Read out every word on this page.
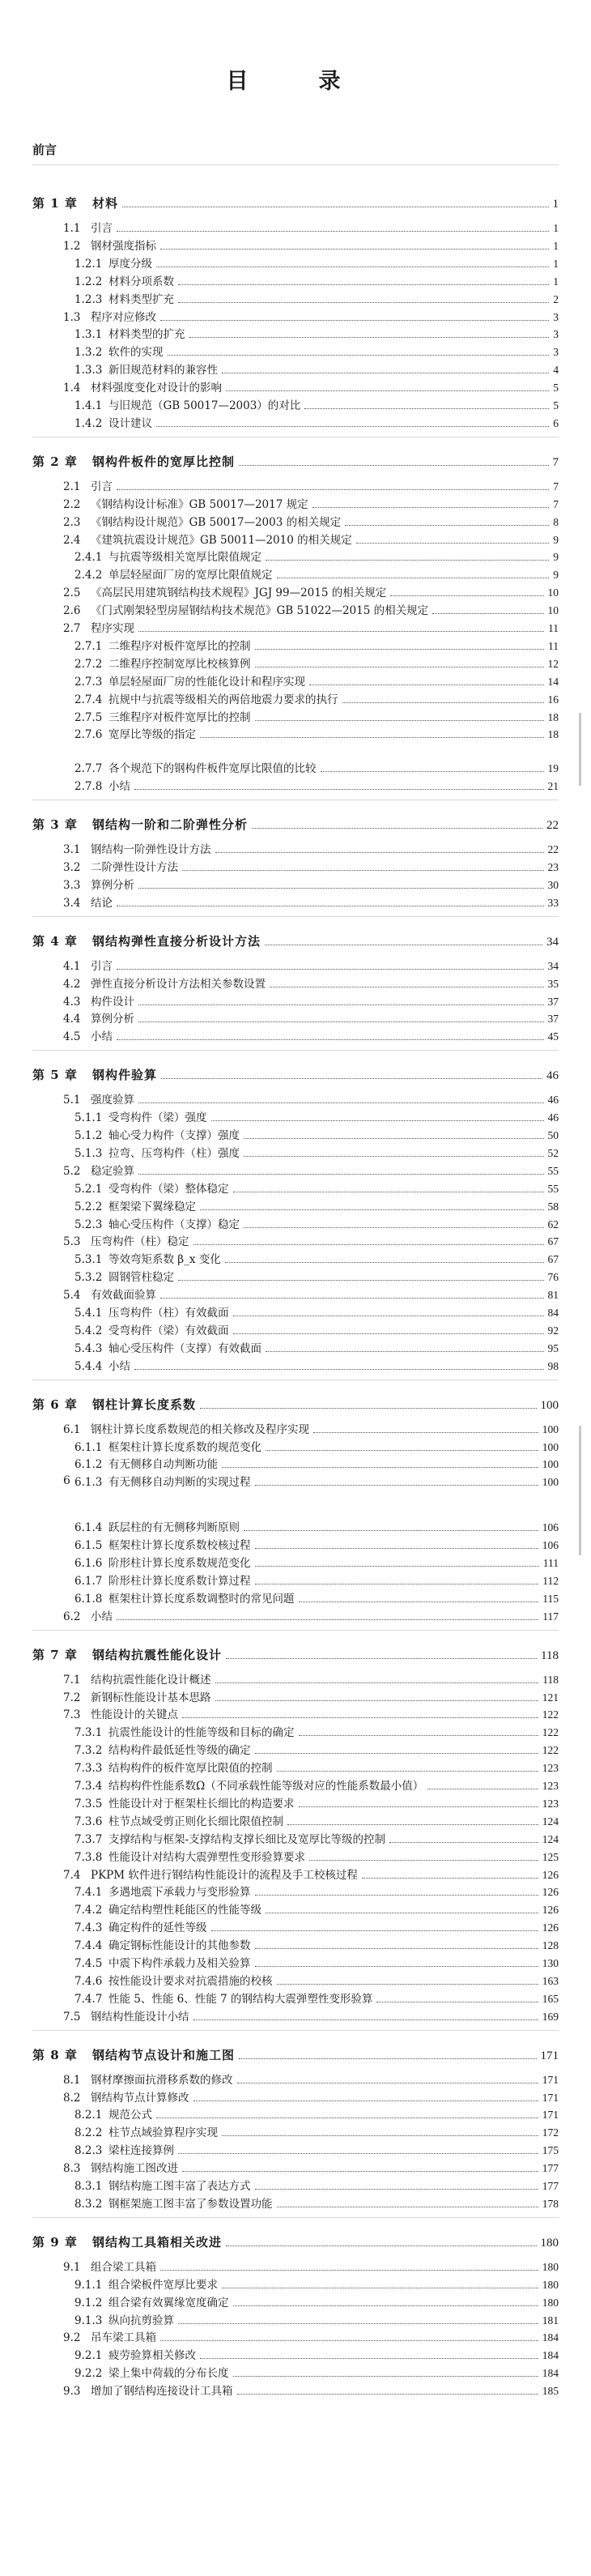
目　录
前言
第 1 章	材料	1
1.1 引言	1
1.2 钢材强度指标	1
1.2.1 厚度分级	1
1.2.2 材料分项系数	1
1.2.3 材料类型扩充	2
1.3 程序对应修改	3
1.3.1 材料类型的扩充	3
1.3.2 软件的实现	3
1.3.3 新旧规范材料的兼容性	4
1.4 材料强度变化对设计的影响	5
1.4.1 与旧规范（GB 50017—2003）的对比	5
1.4.2 设计建议	6
第 2 章	钢构件板件的宽厚比控制	7
2.1 引言	7
2.2 《钢结构设计标准》GB 50017—2017 规定	7
2.3 《钢结构设计规范》GB 50017—2003 的相关规定	8
2.4 《建筑抗震设计规范》GB 50011—2010 的相关规定	9
2.4.1 与抗震等级相关宽厚比限值规定	9
2.4.2 单层轻屋面厂房的宽厚比限值规定	9
2.5 《高层民用建筑钢结构技术规程》JGJ 99—2015 的相关规定	10
2.6 《门式刚架轻型房屋钢结构技术规范》GB 51022—2015 的相关规定	10
2.7 程序实现	11
2.7.1 二维程序对板件宽厚比的控制	11
2.7.2 二维程序控制宽厚比校核算例	12
2.7.3 单层轻屋面厂房的性能化设计和程序实现	14
2.7.4 抗规中与抗震等级相关的两倍地震力要求的执行	16
2.7.5 三维程序对板件宽厚比的控制	18
2.7.6 宽厚比等级的指定	18
2.7.7 各个规范下的钢构件板件宽厚比限值的比较	19
2.7.8 小结	21
第 3 章	钢结构一阶和二阶弹性分析	22
3.1 钢结构一阶弹性设计方法	22
3.2 二阶弹性设计方法	23
3.3 算例分析	30
3.4 结论	33
第 4 章	钢结构弹性直接分析设计方法	34
4.1 引言	34
4.2 弹性直接分析设计方法相关参数设置	35
4.3 构件设计	37
4.4 算例分析	37
4.5 小结	45
第 5 章	钢构件验算	46
5.1 强度验算	46
5.1.1 受弯构件（梁）强度	46
5.1.2 轴心受力构件（支撑）强度	50
5.1.3 拉弯、压弯构件（柱）强度	52
5.2 稳定验算	55
5.2.1 受弯构件（梁）整体稳定	55
5.2.2 框架梁下翼缘稳定	58
5.2.3 轴心受压构件（支撑）稳定	62
5.3 压弯构件（柱）稳定	67
5.3.1 等效弯矩系数 β_x 变化	67
5.3.2 圆钢管柱稳定	76
5.4 有效截面验算	81
5.4.1 压弯构件（柱）有效截面	84
5.4.2 受弯构件（梁）有效截面	92
5.4.3 轴心受压构件（支撑）有效截面	95
5.4.4 小结	98
第 6 章	钢柱计算长度系数	100
6.1 钢柱计算长度系数规范的相关修改及程序实现	100
6.1.1 框架柱计算长度系数的规范变化	100
6.1.2 有无侧移自动判断功能	100
6.1.3 有无侧移自动判断的实现过程	100
6.1.4 跃层柱的有无侧移判断原则	106
6.1.5 框架柱计算长度系数校核过程	106
6.1.6 阶形柱计算长度系数规范变化	111
6.1.7 阶形柱计算长度系数计算过程	112
6.1.8 框架柱计算长度系数调整时的常见问题	115
6.2 小结	117
第 7 章	钢结构抗震性能化设计	118
7.1 结构抗震性能化设计概述	118
7.2 新钢标性能设计基本思路	121
7.3 性能设计的关键点	122
7.3.1 抗震性能设计的性能等级和目标的确定	122
7.3.2 结构构件最低延性等级的确定	122
7.3.3 结构构件的板件宽厚比限值的控制	123
7.3.4 结构构件性能系数Ω（不同承载性能等级对应的性能系数最小值）	123
7.3.5 性能设计对于框架柱长细比的构造要求	123
7.3.6 柱节点域受剪正则化长细比限值控制	124
7.3.7 支撑结构与框架-支撑结构支撑长细比及宽厚比等级的控制	124
7.3.8 性能设计对结构大震弹塑性变形验算要求	125
7.4 PKPM 软件进行钢结构性能设计的流程及手工校核过程	126
7.4.1 多遇地震下承载力与变形验算	126
7.4.2 确定结构塑性耗能区的性能等级	126
7.4.3 确定构件的延性等级	126
7.4.4 确定钢标性能设计的其他参数	128
7.4.5 中震下构件承载力及相关验算	130
7.4.6 按性能设计要求对抗震措施的校核	163
7.4.7 性能 5、性能 6、性能 7 的钢结构大震弹塑性变形验算	165
7.5 钢结构性能设计小结	169
第 8 章	钢结构节点设计和施工图	171
8.1 钢材摩擦面抗滑移系数的修改	171
8.2 钢结构节点计算修改	171
8.2.1 规范公式	171
8.2.2 柱节点域验算程序实现	172
8.2.3 梁柱连接算例	175
8.3 钢结构施工图改进	177
8.3.1 钢结构施工图丰富了表达方式	177
8.3.2 钢框架施工图丰富了参数设置功能	178
第 9 章	钢结构工具箱相关改进	180
9.1 组合梁工具箱	180
9.1.1 组合梁板件宽厚比要求	180
9.1.2 组合梁有效翼缘宽度确定	180
9.1.3 纵向抗剪验算	181
9.2 吊车梁工具箱	184
9.2.1 疲劳验算相关修改	184
9.2.2 梁上集中荷载的分布长度	184
9.3 增加了钢结构连接设计工具箱	185
6
